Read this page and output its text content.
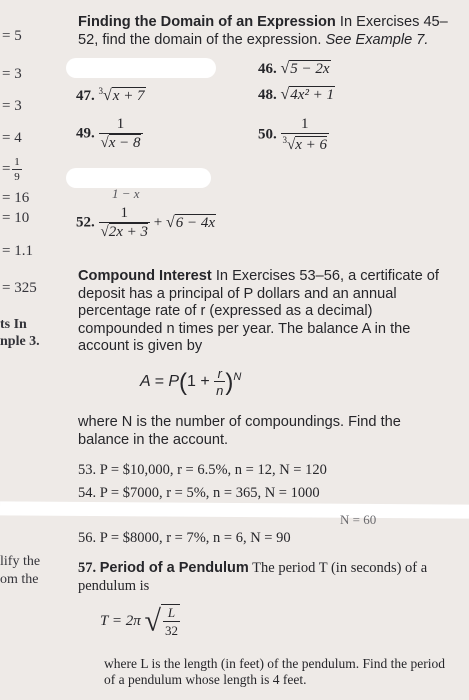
= 5
= 3
= 3
= 4
= 1
9
= 16
= 10
= 1.1
= 325
ts In
nple 3.
lify the
om the
Finding the Domain of an Expression In Exercises 45–52, find the domain of the expression. See Example 7.
46. √5 − 2x
47. $^3$√x + 7	48. √4x² + 1
49. $\frac{1}{√x - 8}$	50. $\frac{1}{^3√x + 6}$
1 − x
52. $\frac{1}{√2x + 3} + √6 - 4x$
Compound Interest In Exercises 53–56, a certificate of deposit has a principal of P dollars and an annual percentage rate of r (expressed as a decimal) compounded n times per year. The balance A in the account is given by
$A = P(1 + \frac{r}{n} )^N$
where N is the number of compoundings. Find the balance in the account.
53. P = $10,000, r = 6.5%, n = 12, N = 120
54. P = $7000, r = 5%, n = 365, N = 1000
N = 60
56. P = $8000, r = 7%, n = 6, N = 90
57. Period of a Pendulum The period T (in seconds) of a pendulum is
T = 2π √ $\frac{L}{32}$
where L is the length (in feet) of the pendulum. Find the period of a pendulum whose length is 4 feet.
